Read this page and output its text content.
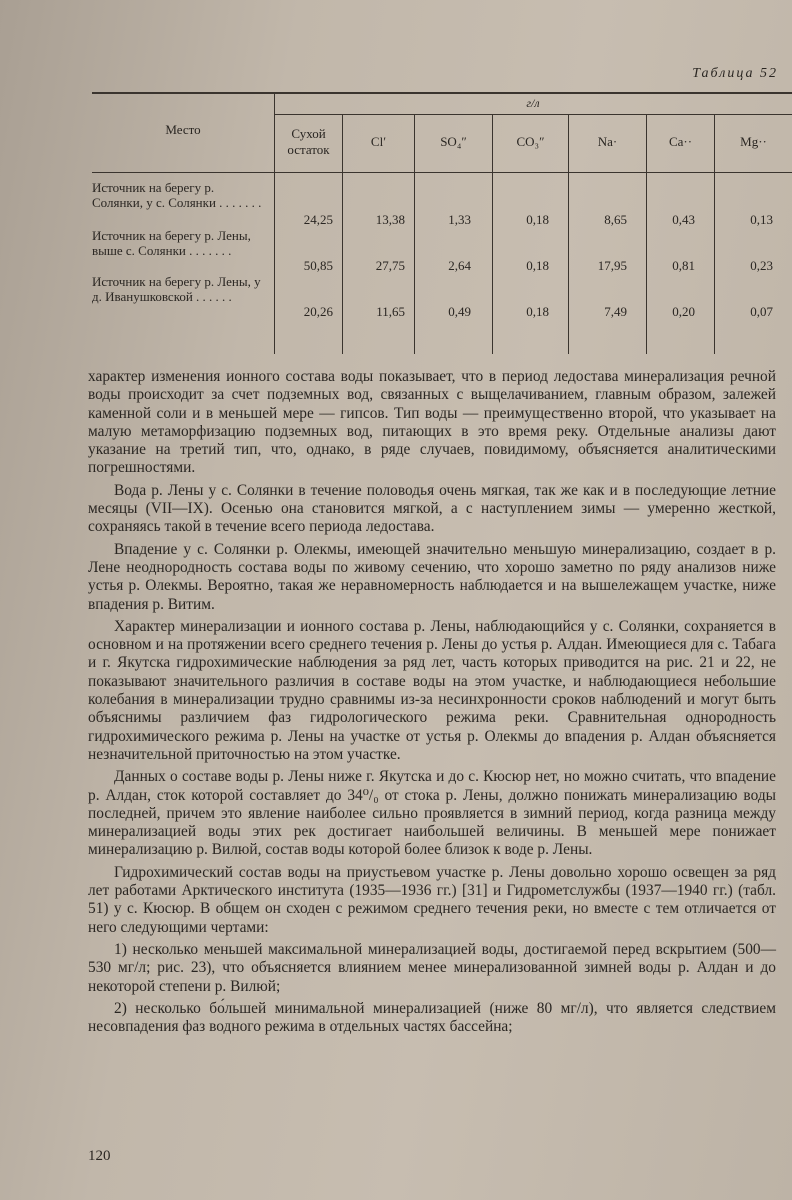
Таблица 52
Место
г/л
Сухой остаток
Cl′	SO₄″	CO₃″	Na·	Ca··	Mg··
Источник на берегу р. Солянки, у с. Солянки . . . . . . .
24,25	13,38	1,33	0,18	8,65	0,43	0,13
Источник на берегу р. Лены, выше с. Солянки . . . . . . .
50,85	27,75	2,64	0,18	17,95	0,81	0,23
Источник на берегу р. Лены, у д. Иванушковской . . . . . .
20,26	11,65	0,49	0,18	7,49	0,20	0,07

характер изменения ионного состава воды показывает, что в период ледостава минерализация речной воды происходит за счет подземных вод, связанных с выщелачиванием, главным образом, залежей каменной соли и в меньшей мере — гипсов. Тип воды — преимущественно второй, что указывает на малую метаморфизацию подземных вод, питающих в это время реку. Отдельные анализы дают указание на третий тип, что, однако, в ряде случаев, повидимому, объясняется аналитическими погрешностями.

Вода р. Лены у с. Солянки в течение половодья очень мягкая, так же как и в последующие летние месяцы (VII—IX). Осенью она становится мягкой, а с наступлением зимы — умеренно жесткой, сохраняясь такой в течение всего периода ледостава.

Впадение у с. Солянки р. Олекмы, имеющей значительно меньшую минерализацию, создает в р. Лене неоднородность состава воды по живому сечению, что хорошо заметно по ряду анализов ниже устья р. Олекмы. Вероятно, такая же неравномерность наблюдается и на вышележащем участке, ниже впадения р. Витим.

Характер минерализации и ионного состава р. Лены, наблюдающийся у с. Солянки, сохраняется в основном и на протяжении всего среднего течения р. Лены до устья р. Алдан. Имеющиеся для с. Табага и г. Якутска гидрохимические наблюдения за ряд лет, часть которых приводится на рис. 21 и 22, не показывают значительного различия в составе воды на этом участке, и наблюдающиеся небольшие колебания в минерализации трудно сравнимы из-за несинхронности сроков наблюдений и могут быть объяснимы различием фаз гидрологического режима реки. Сравнительная однородность гидрохимического режима р. Лены на участке от устья р. Олекмы до впадения р. Алдан объясняется незначительной приточностью на этом участке.

Данных о составе воды р. Лены ниже г. Якутска и до с. Кюсюр нет, но можно считать, что впадение р. Алдан, сток которой составляет до 34⁰/₀ от стока р. Лены, должно понижать минерализацию воды последней, причем это явление наиболее сильно проявляется в зимний период, когда разница между минерализацией воды этих рек достигает наибольшей величины. В меньшей мере понижает минерализацию р. Вилюй, состав воды которой более близок к воде р. Лены.

Гидрохимический состав воды на приустьевом участке р. Лены довольно хорошо освещен за ряд лет работами Арктического института (1935—1936 гг.) [31] и Гидрометслужбы (1937—1940 гг.) (табл. 51) у с. Кюсюр. В общем он сходен с режимом среднего течения реки, но вместе с тем отличается от него следующими чертами:

1) несколько меньшей максимальной минерализацией воды, достигаемой перед вскрытием (500—530 мг/л; рис. 23), что объясняется влиянием менее минерализованной зимней воды р. Алдан и до некоторой степени р. Вилюй;

2) несколько бо́льшей минимальной минерализацией (ниже 80 мг/л), что является следствием несовпадения фаз водного режима в отдельных частях бассейна;

120
